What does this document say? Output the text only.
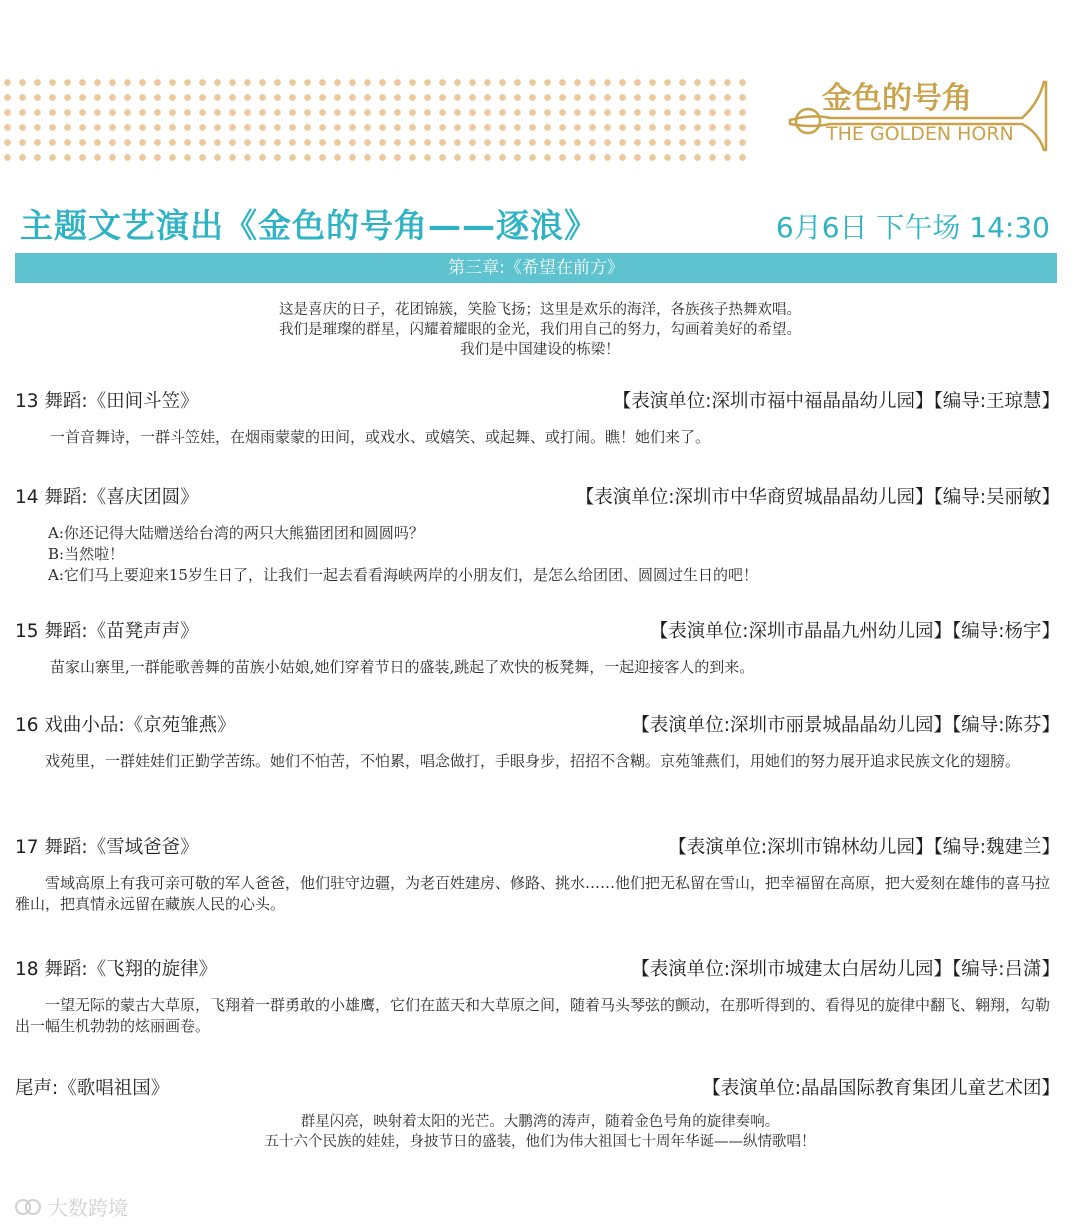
金色的号角
THE GOLDEN HORN
主题文艺演出《金色的号角——逐浪》	6月6日 下午场 14:30
第三章:《希望在前方》
这是喜庆的日子，花团锦簇，笑脸飞扬；这里是欢乐的海洋，各族孩子热舞欢唱。
我们是璀璨的群星，闪耀着耀眼的金光，我们用自己的努力，勾画着美好的希望。
我们是中国建设的栋梁！
13 舞蹈:《田间斗笠》	【表演单位:深圳市福中福晶晶幼儿园】【编导:王琼慧】
一首音舞诗，一群斗笠娃，在烟雨蒙蒙的田间，或戏水、或嬉笑、或起舞、或打闹。瞧！她们来了。
14 舞蹈:《喜庆团圆》	【表演单位:深圳市中华商贸城晶晶幼儿园】【编导:吴丽敏】
A:你还记得大陆赠送给台湾的两只大熊猫团团和圆圆吗？
B:当然啦！
A:它们马上要迎来15岁生日了，让我们一起去看看海峡两岸的小朋友们，是怎么给团团、圆圆过生日的吧！
15 舞蹈:《苗凳声声》	【表演单位:深圳市晶晶九州幼儿园】【编导:杨宇】
苗家山寨里,一群能歌善舞的苗族小姑娘,她们穿着节日的盛装,跳起了欢快的板凳舞，一起迎接客人的到来。
16 戏曲小品:《京苑雏燕》	【表演单位:深圳市丽景城晶晶幼儿园】【编导:陈芬】
戏苑里，一群娃娃们正勤学苦练。她们不怕苦，不怕累，唱念做打，手眼身步，招招不含糊。京苑雏燕们，用她们的努力展开追求民族文化的翅膀。
17 舞蹈:《雪域爸爸》	【表演单位:深圳市锦林幼儿园】【编导:魏建兰】
雪域高原上有我可亲可敬的军人爸爸，他们驻守边疆，为老百姓建房、修路、挑水……他们把无私留在雪山，把幸福留在高原，把大爱刻在雄伟的喜马拉雅山，把真情永远留在藏族人民的心头。
18 舞蹈:《飞翔的旋律》	【表演单位:深圳市城建太白居幼儿园】【编导:吕潇】
一望无际的蒙古大草原，飞翔着一群勇敢的小雄鹰，它们在蓝天和大草原之间，随着马头琴弦的颤动，在那听得到的、看得见的旋律中翻飞、翱翔，勾勒出一幅生机勃勃的炫丽画卷。
尾声:《歌唱祖国》	【表演单位:晶晶国际教育集团儿童艺术团】
群星闪亮，映射着太阳的光芒。大鹏湾的涛声，随着金色号角的旋律奏响。
五十六个民族的娃娃，身披节日的盛装，他们为伟大祖国七十周年华诞——纵情歌唱！
大数跨境
